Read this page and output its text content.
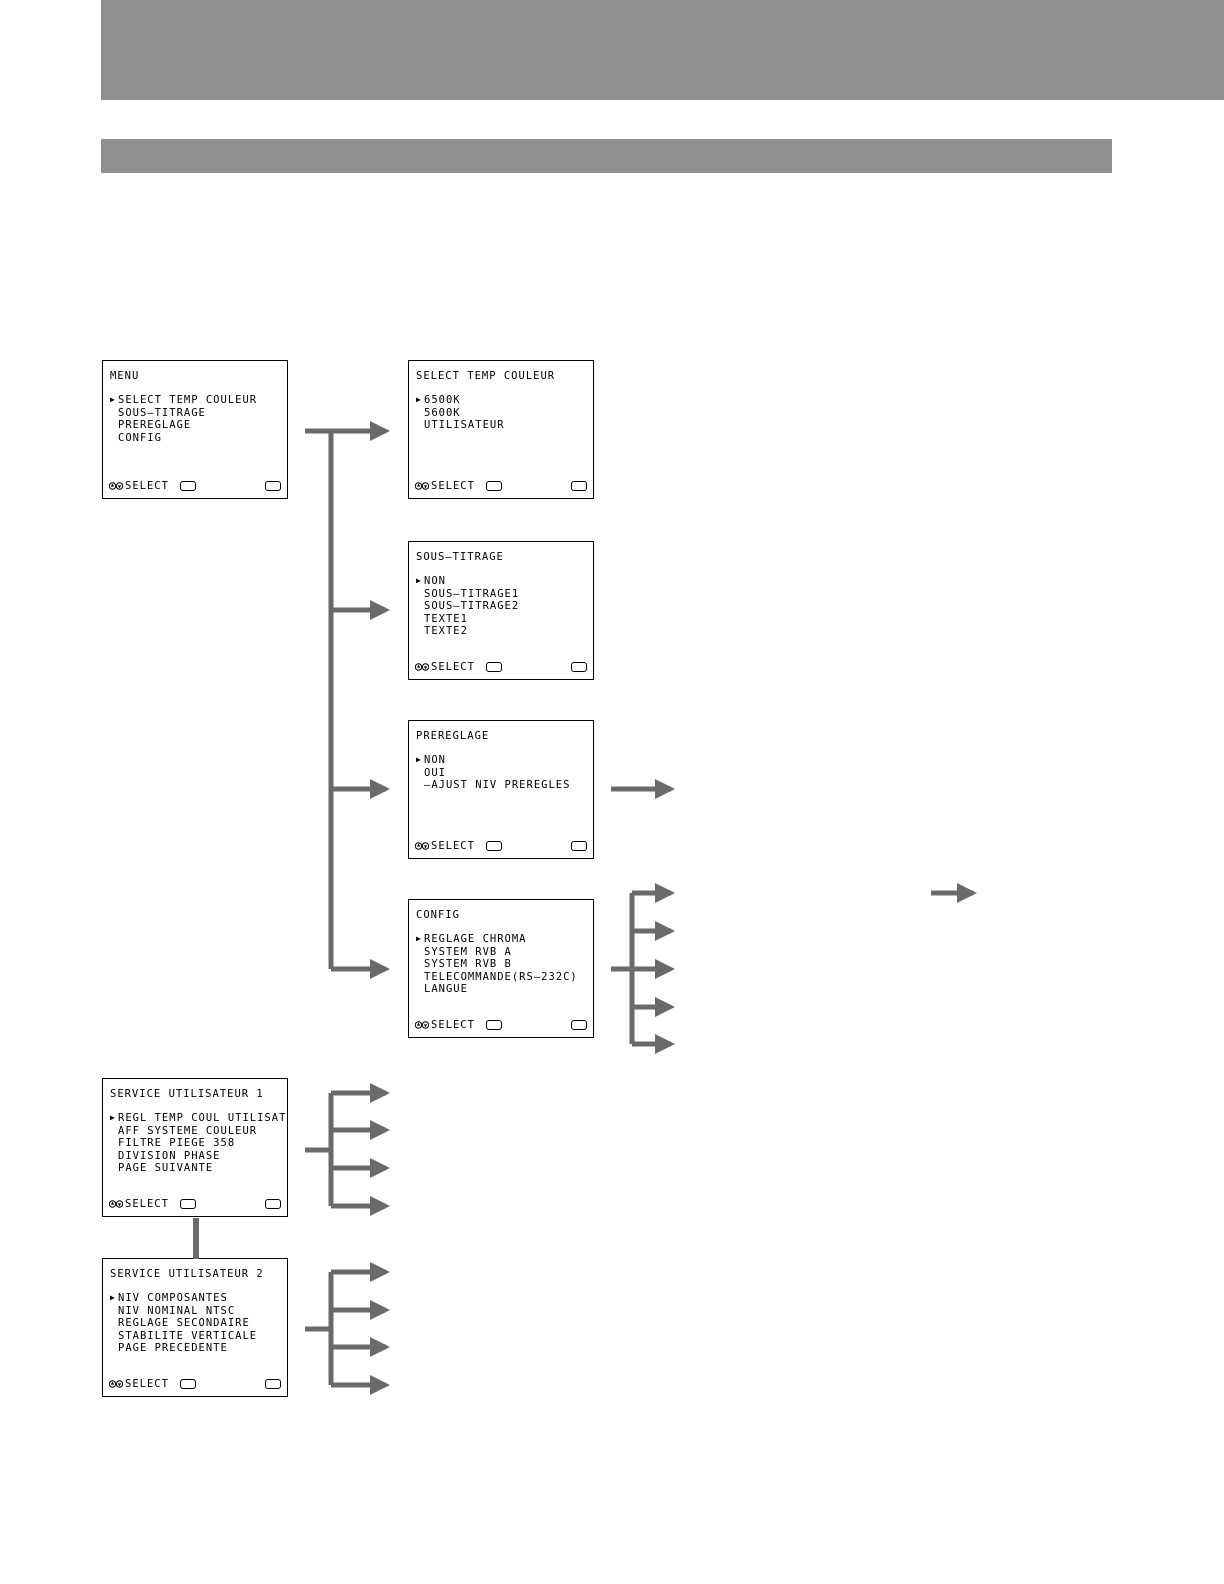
MENU
▶ SELECT TEMP COULEUR
SOUS–TITRAGE
PREREGLAGE
CONFIG
SELECT
SELECT TEMP COULEUR
▶ 6500K
5600K
UTILISATEUR
SELECT
SOUS–TITRAGE
▶ NON
SOUS–TITRAGE1
SOUS–TITRAGE2
TEXTE1
TEXTE2
SELECT
PREREGLAGE
▶ NON
OUI
–AJUST NIV PREREGLES
SELECT
CONFIG
▶ REGLAGE CHROMA
SYSTEM RVB A
SYSTEM RVB B
TELECOMMANDE(RS–232C)
LANGUE
SELECT
SERVICE UTILISATEUR 1
▶ REGL TEMP COUL UTILISAT
AFF SYSTEME COULEUR
FILTRE PIEGE 358
DIVISION PHASE
PAGE SUIVANTE
SELECT
SERVICE UTILISATEUR 2
▶ NIV COMPOSANTES
NIV NOMINAL NTSC
REGLAGE SECONDAIRE
STABILITE VERTICALE
PAGE PRECEDENTE
SELECT
